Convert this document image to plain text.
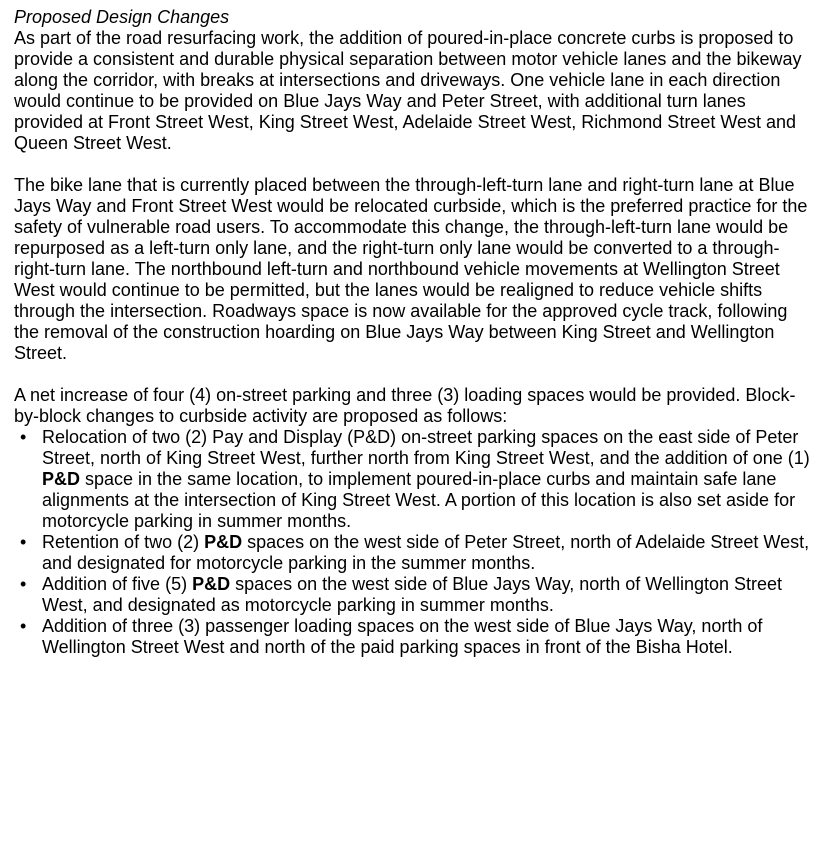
Proposed Design Changes

As part of the road resurfacing work, the addition of poured-in-place concrete curbs is proposed to provide a consistent and durable physical separation between motor vehicle lanes and the bikeway along the corridor, with breaks at intersections and driveways. One vehicle lane in each direction would continue to be provided on Blue Jays Way and Peter Street, with additional turn lanes provided at Front Street West, King Street West, Adelaide Street West, Richmond Street West and Queen Street West.

The bike lane that is currently placed between the through-left-turn lane and right-turn lane at Blue Jays Way and Front Street West would be relocated curbside, which is the preferred practice for the safety of vulnerable road users. To accommodate this change, the through-left-turn lane would be repurposed as a left-turn only lane, and the right-turn only lane would be converted to a through-right-turn lane. The northbound left-turn and northbound vehicle movements at Wellington Street West would continue to be permitted, but the lanes would be realigned to reduce vehicle shifts through the intersection. Roadways space is now available for the approved cycle track, following the removal of the construction hoarding on Blue Jays Way between King Street and Wellington Street.

A net increase of four (4) on-street parking and three (3) loading spaces would be provided. Block-by-block changes to curbside activity are proposed as follows:

• Relocation of two (2) Pay and Display (P&D) on-street parking spaces on the east side of Peter Street, north of King Street West, further north from King Street West, and the addition of one (1) P&D space in the same location, to implement poured-in-place curbs and maintain safe lane alignments at the intersection of King Street West. A portion of this location is also set aside for motorcycle parking in summer months.
• Retention of two (2) P&D spaces on the west side of Peter Street, north of Adelaide Street West, and designated for motorcycle parking in the summer months.
• Addition of five (5) P&D spaces on the west side of Blue Jays Way, north of Wellington Street West, and designated as motorcycle parking in summer months.
• Addition of three (3) passenger loading spaces on the west side of Blue Jays Way, north of Wellington Street West and north of the paid parking spaces in front of the Bisha Hotel.
